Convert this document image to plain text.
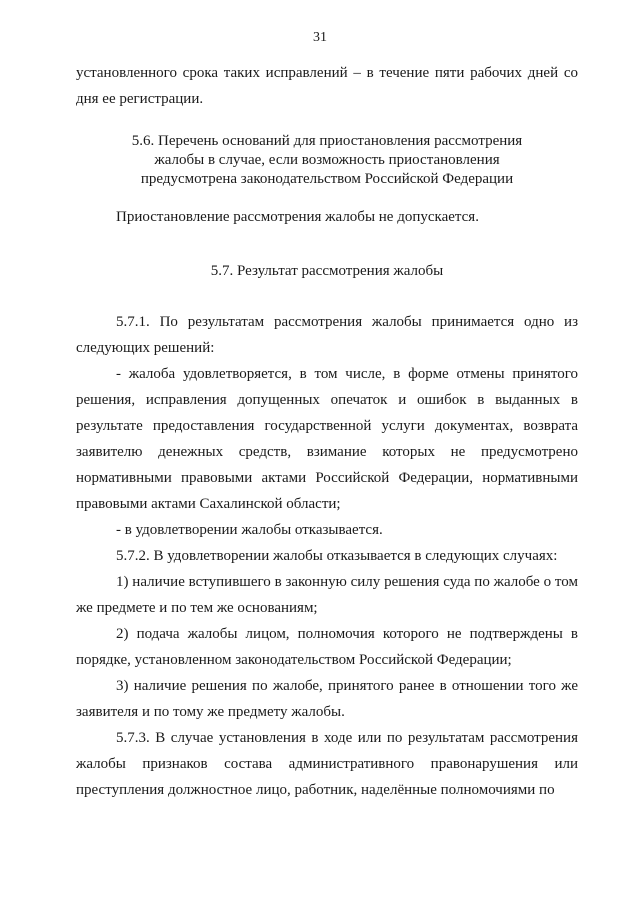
31

установленного срока таких исправлений – в течение пяти рабочих дней со дня ее регистрации.

5.6. Перечень оснований для приостановления рассмотрения
жалобы в случае, если возможность приостановления
предусмотрена законодательством Российской Федерации

Приостановление рассмотрения жалобы не допускается.

5.7. Результат рассмотрения жалобы

5.7.1. По результатам рассмотрения жалобы принимается одно из следующих решений:

- жалоба удовлетворяется, в том числе, в форме отмены принятого решения, исправления допущенных опечаток и ошибок в выданных в результате предоставления государственной услуги документах, возврата заявителю денежных средств, взимание которых не предусмотрено нормативными правовыми актами Российской Федерации, нормативными правовыми актами Сахалинской области;

- в удовлетворении жалобы отказывается.

5.7.2. В удовлетворении жалобы отказывается в следующих случаях:

1) наличие вступившего в законную силу решения суда по жалобе о том же предмете и по тем же основаниям;

2) подача жалобы лицом, полномочия которого не подтверждены в порядке, установленном законодательством Российской Федерации;

3) наличие решения по жалобе, принятого ранее в отношении того же заявителя и по тому же предмету жалобы.

5.7.3. В случае установления в ходе или по результатам рассмотрения жалобы признаков состава административного правонарушения или преступления должностное лицо, работник, наделённые полномочиями по
